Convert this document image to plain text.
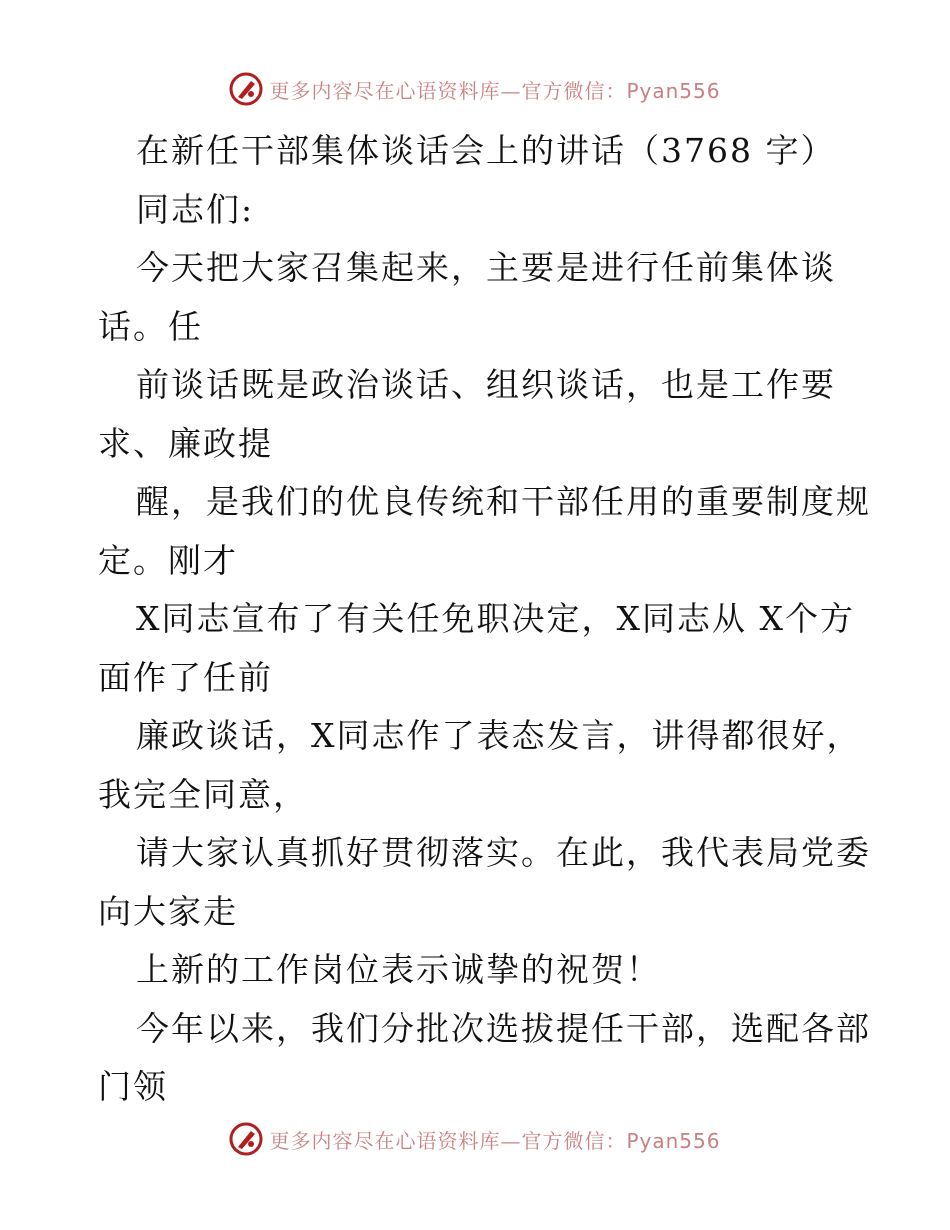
更多内容尽在心语资料库—官方微信：Pyan556
在新任干部集体谈话会上的讲话（3768 字）
同志们:
今天把大家召集起来，主要是进行任前集体谈
话。任
前谈话既是政治谈话、组织谈话，也是工作要
求、廉政提
醒，是我们的优良传统和干部任用的重要制度规
定。刚才
X同志宣布了有关任免职决定，X同志从 X个方
面作了任前
廉政谈话，X同志作了表态发言，讲得都很好，
我完全同意，
请大家认真抓好贯彻落实。在此，我代表局党委
向大家走
上新的工作岗位表示诚挚的祝贺！
今年以来，我们分批次选拔提任干部，选配各部
门领
更多内容尽在心语资料库—官方微信：Pyan556
